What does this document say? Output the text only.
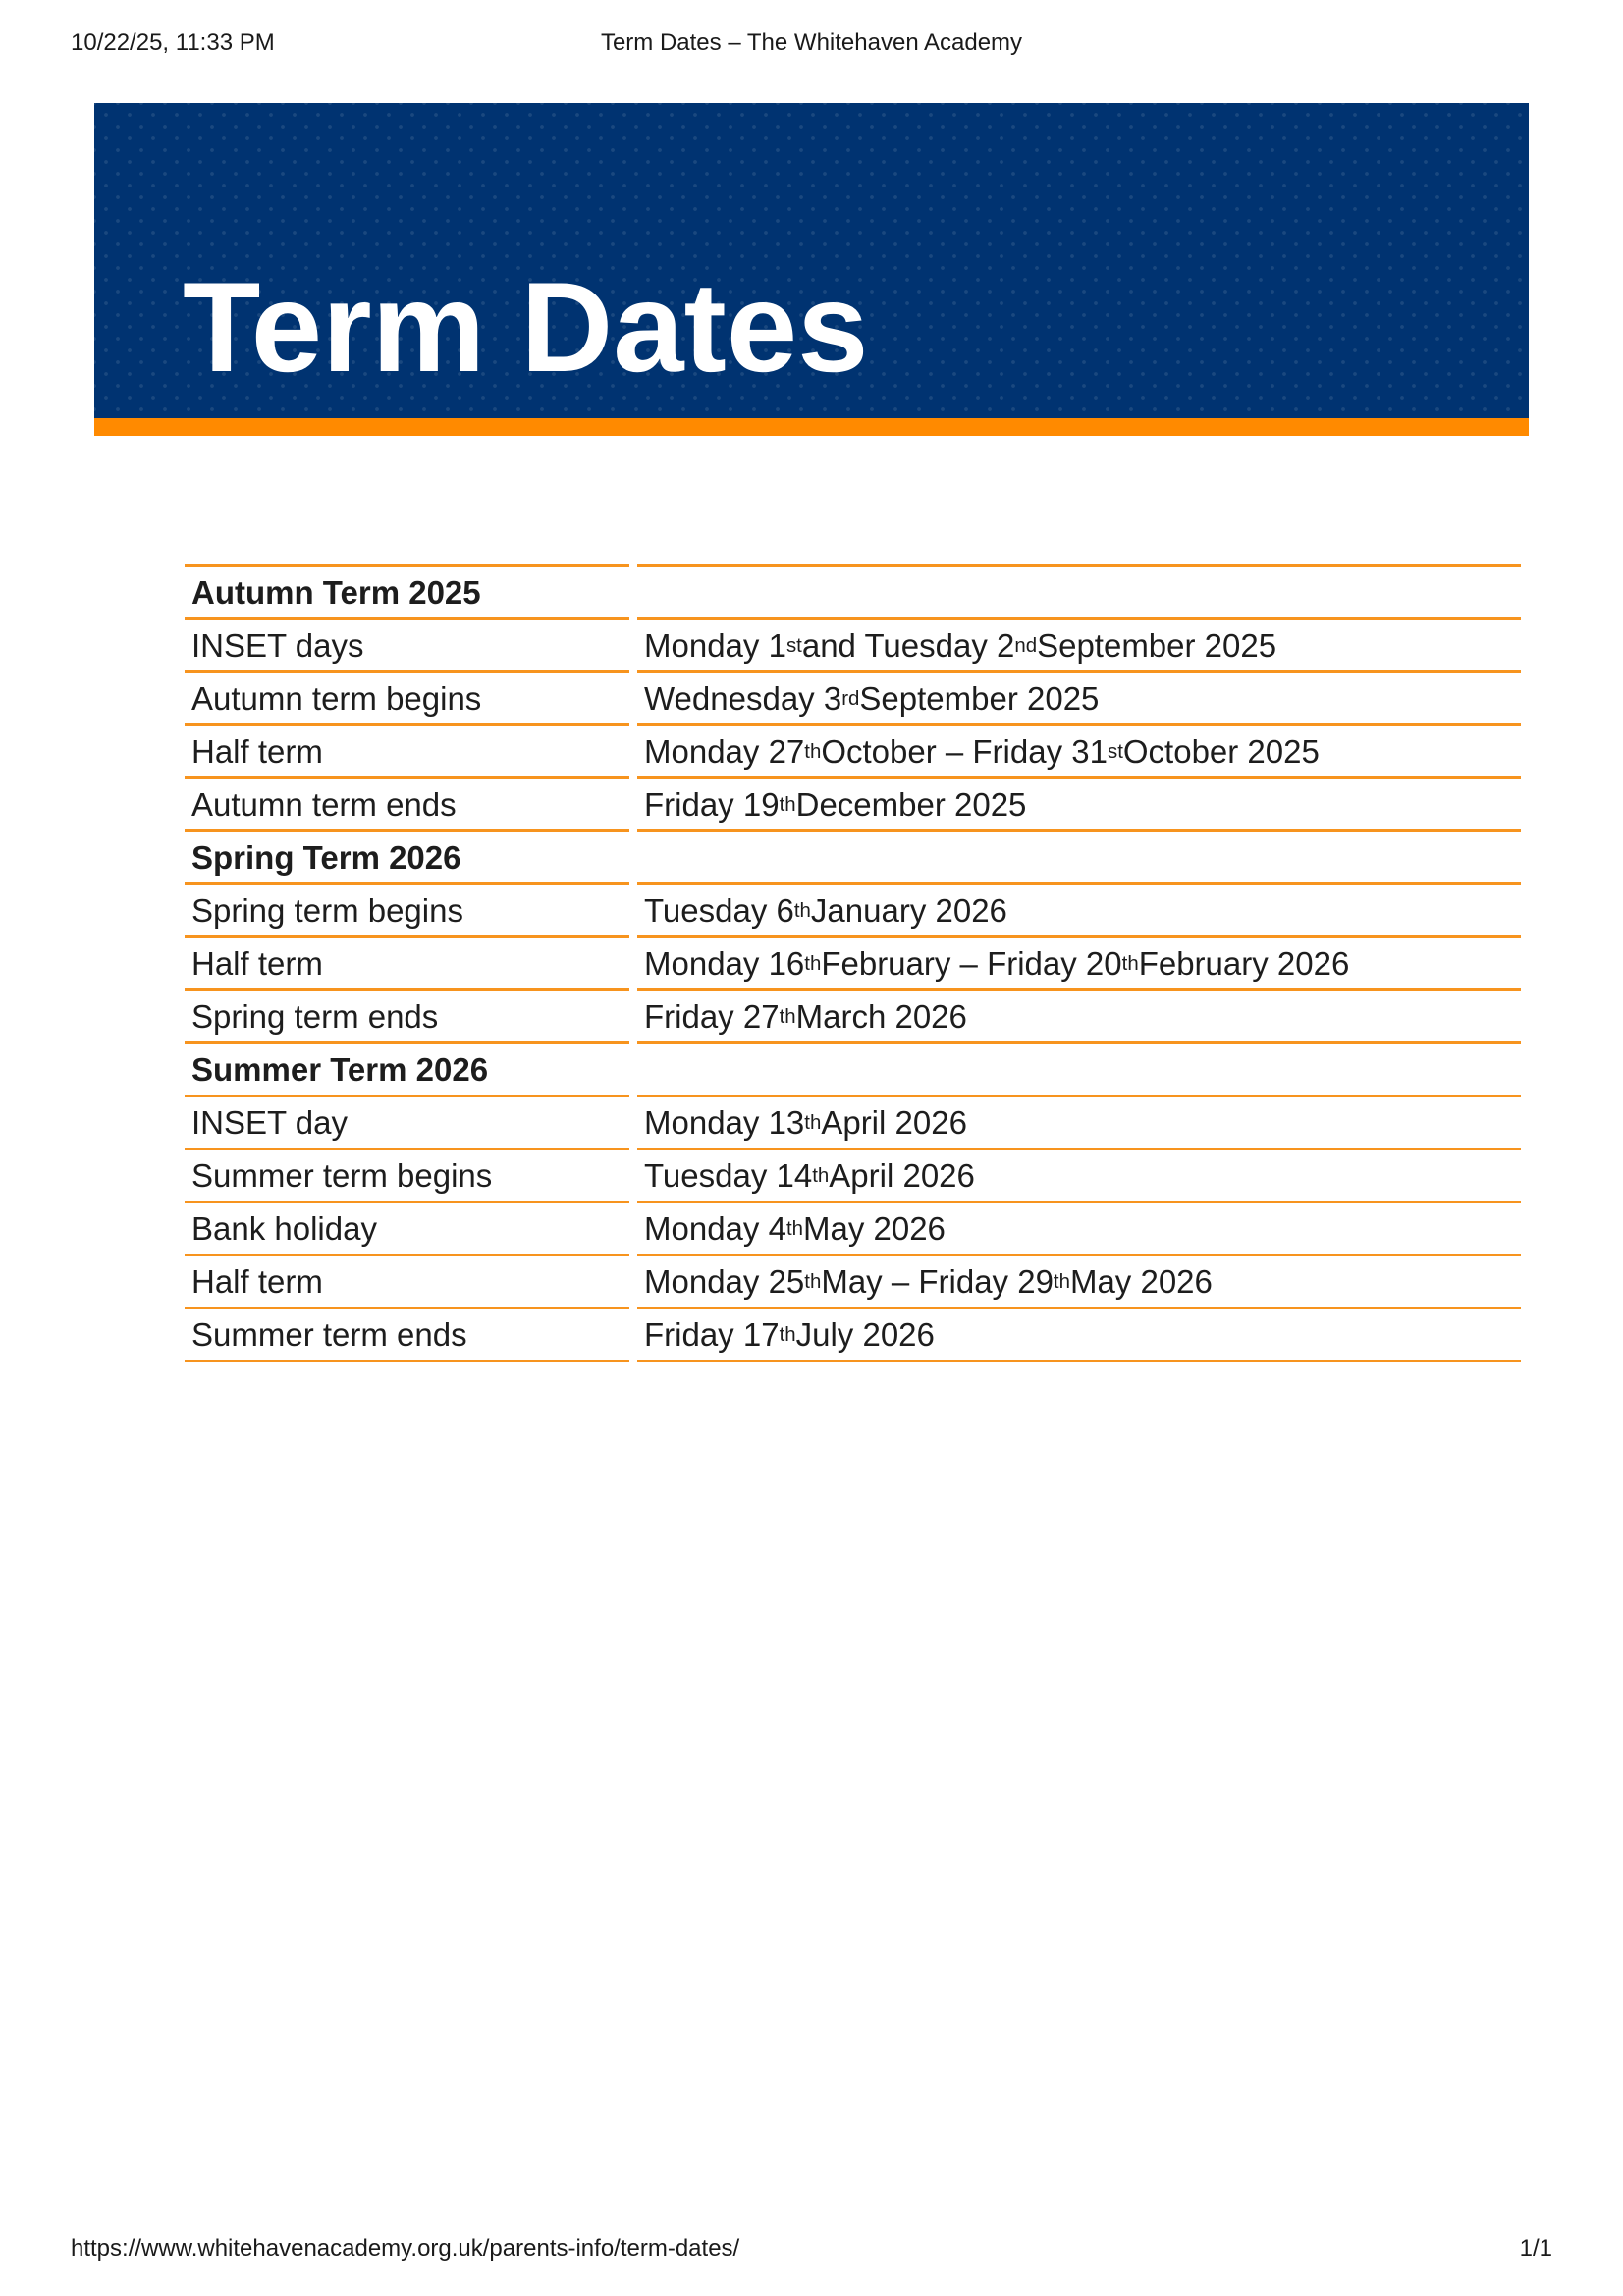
10/22/25, 11:33 PM	Term Dates – The Whitehaven Academy
Term Dates
Autumn Term 2025
INSET days	Monday 1 st and Tuesday 2 nd September 2025
Autumn term begins	Wednesday 3 rd September 2025
Half term	Monday 27 th October – Friday 31 st October 2025
Autumn term ends	Friday 19 th December 2025
Spring Term 2026
Spring term begins	Tuesday 6 th January 2026
Half term	Monday 16 th February – Friday 20 th February 2026
Spring term ends	Friday 27 th March 2026
Summer Term 2026
INSET day	Monday 13 th April 2026
Summer term begins	Tuesday 14 th April 2026
Bank holiday	Monday 4 th May 2026
Half term	Monday 25 th May – Friday 29 th May 2026
Summer term ends	Friday 17 th July 2026
https://www.whitehavenacademy.org.uk/parents-info/term-dates/	1/1
